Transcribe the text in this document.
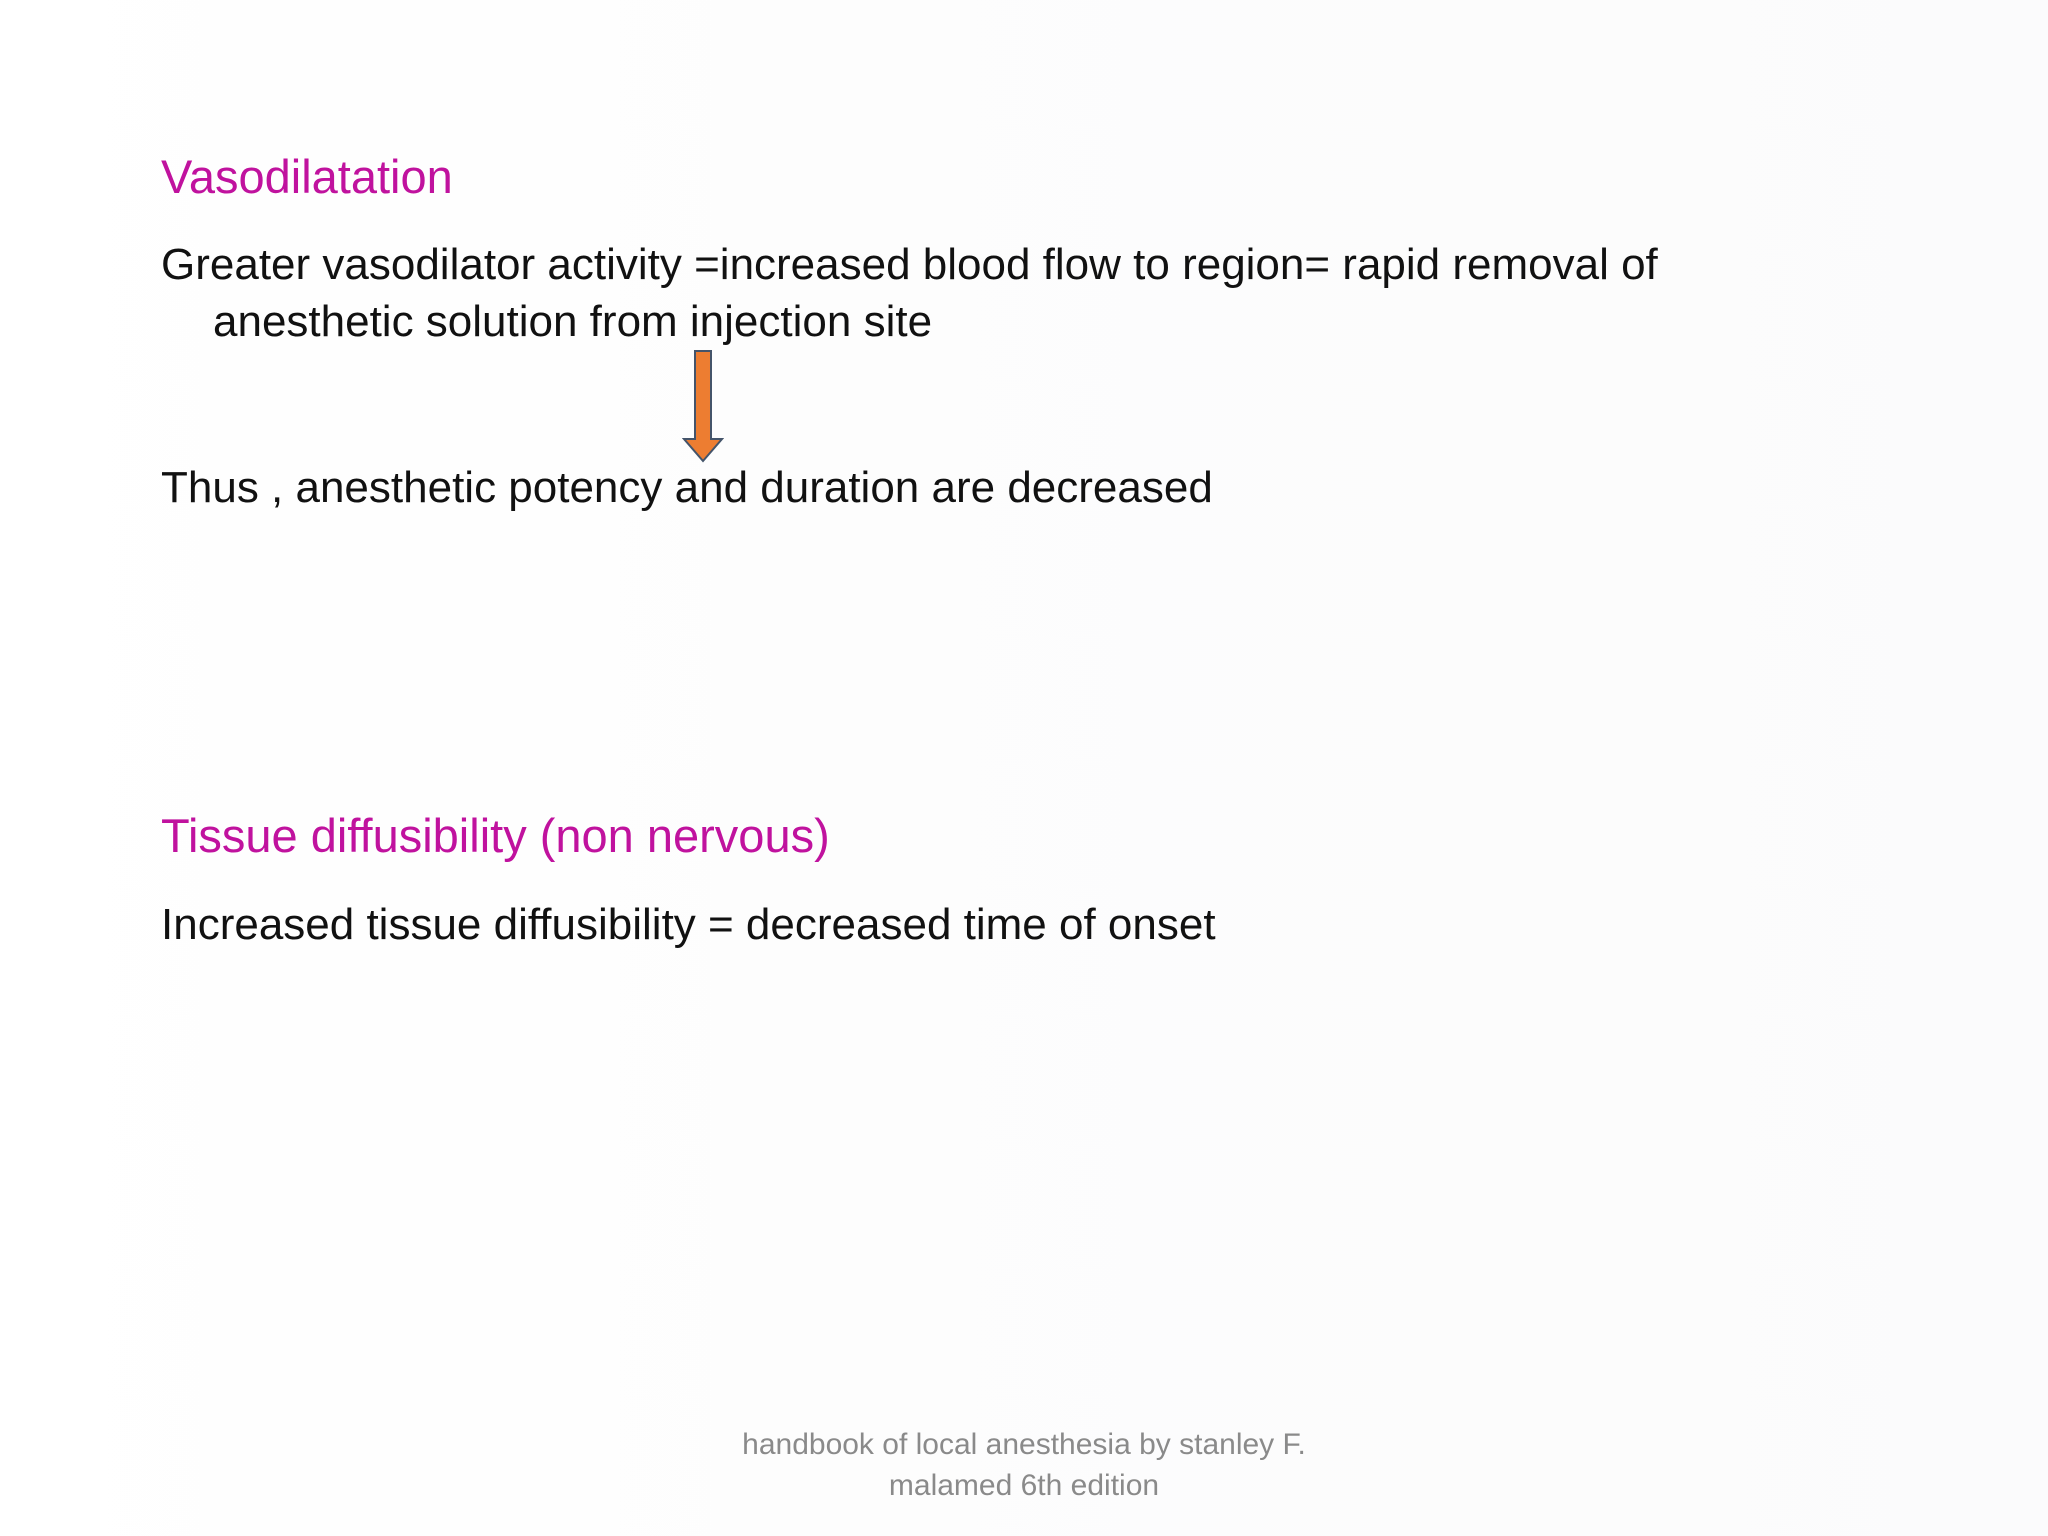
Vasodilatation

Greater vasodilator activity =increased blood flow to region= rapid removal of
anesthetic solution from injection site

Thus , anesthetic potency and duration are decreased

Tissue diffusibility (non nervous)

Increased tissue diffusibility = decreased time of onset

handbook of local anesthesia by stanley F.
malamed 6th edition
